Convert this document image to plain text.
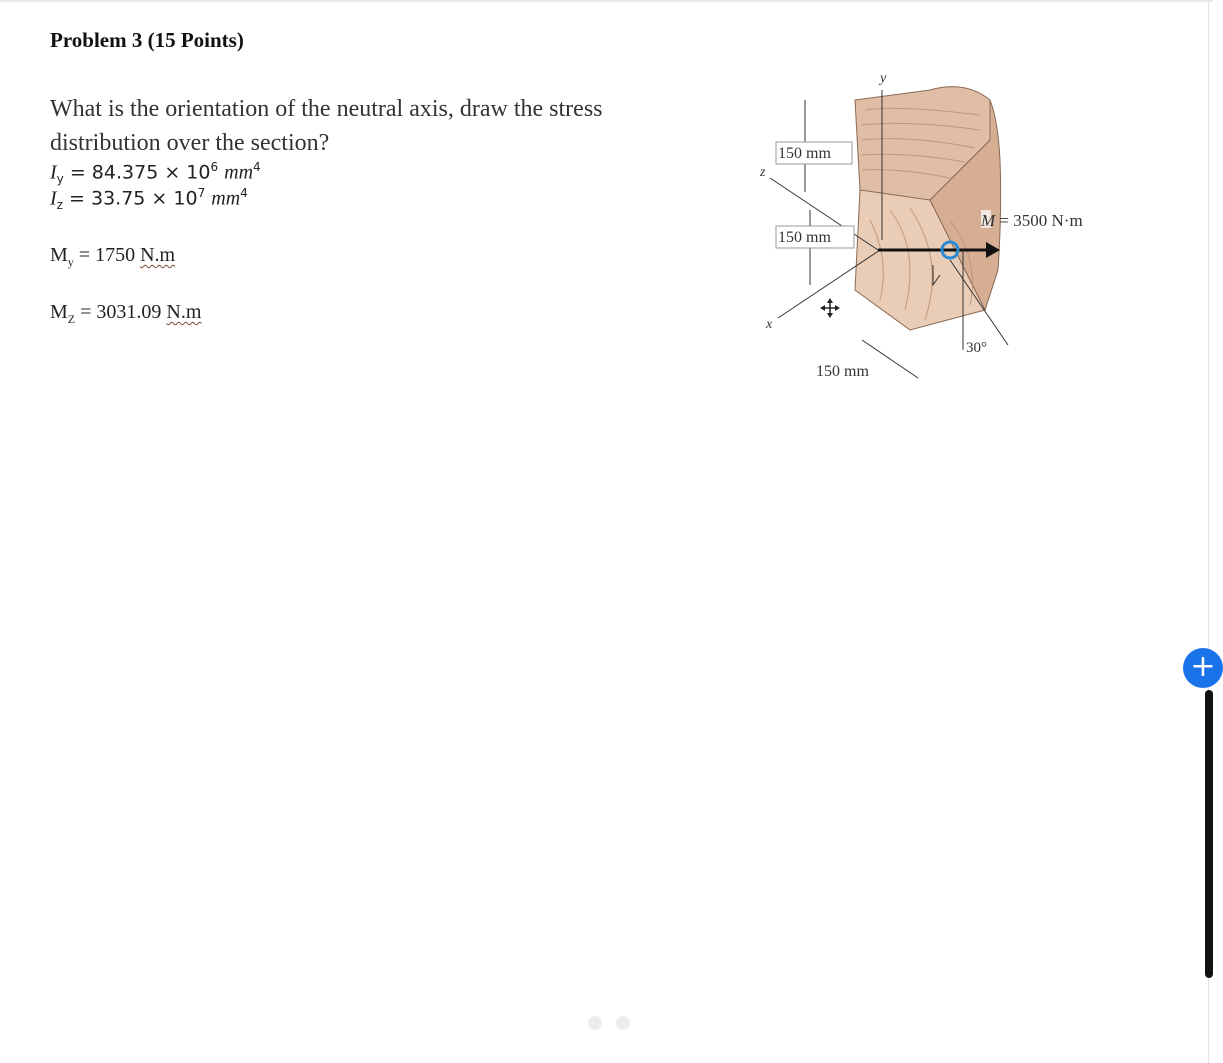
Problem 3 (15 Points)
What is the orientation of the neutral axis, draw the stress distribution over the section?
$I_y = 84.375 \times 10^6$ $mm^4$
$I_z = 33.75 \times 10^7$ $mm^4$
$M_y = 1750$ N.m
$M_Z = 3031.09$ N.m
y
z
x
150 mm
150 mm
150 mm
30°
M = 3500 N·m
+
